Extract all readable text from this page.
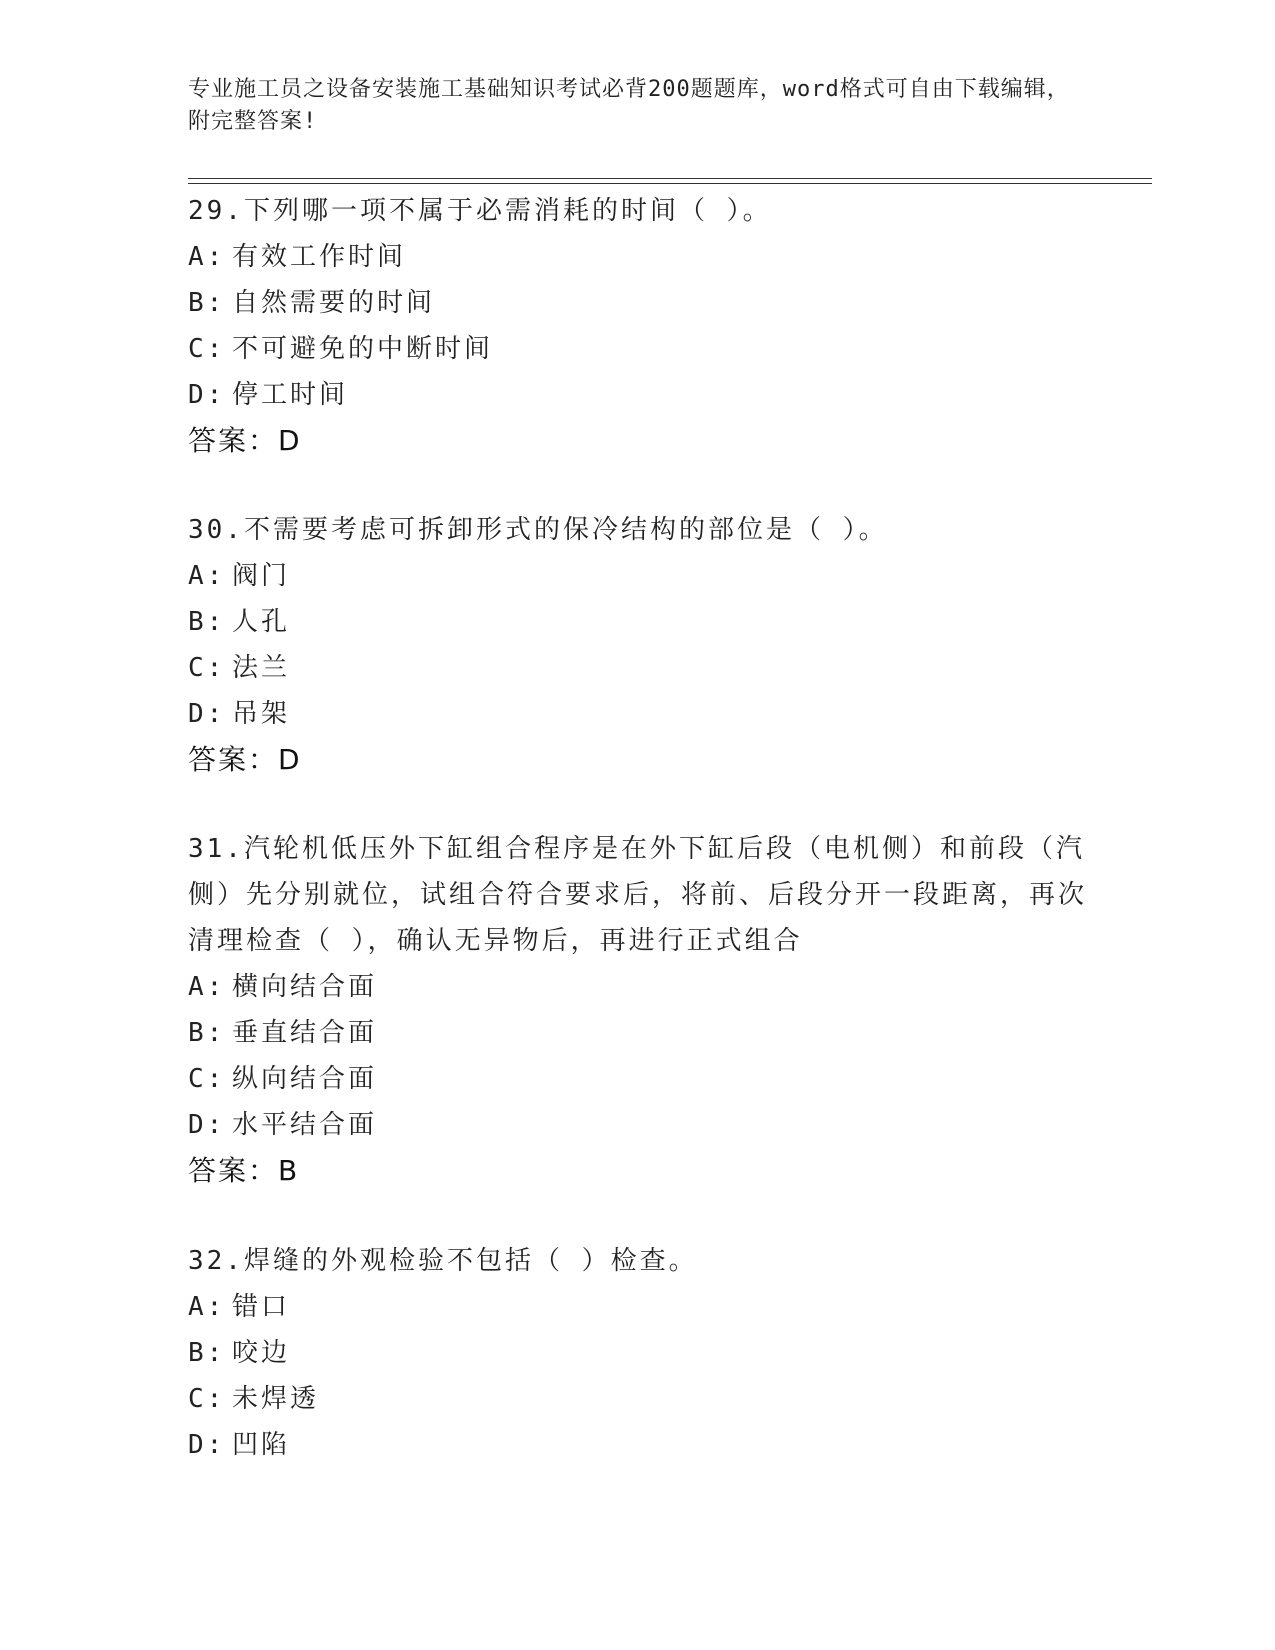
专业施工员之设备安装施工基础知识考试必背200题题库，word格式可自由下载编辑，附完整答案!

29.下列哪一项不属于必需消耗的时间（ ）。

A: 有效工作时间

B: 自然需要的时间

C: 不可避免的中断时间

D: 停工时间

答案：D

30.不需要考虑可拆卸形式的保冷结构的部位是（ ）。

A: 阀门

B: 人孔

C: 法兰

D: 吊架

答案：D

31.汽轮机低压外下缸组合程序是在外下缸后段（电机侧）和前段（汽侧）先分别就位，试组合符合要求后，将前、后段分开一段距离，再次清理检查（ ），确认无异物后，再进行正式组合

A: 横向结合面

B: 垂直结合面

C: 纵向结合面

D: 水平结合面

答案：B

32.焊缝的外观检验不包括（ ）检查。

A: 错口

B: 咬边

C: 未焊透

D: 凹陷
